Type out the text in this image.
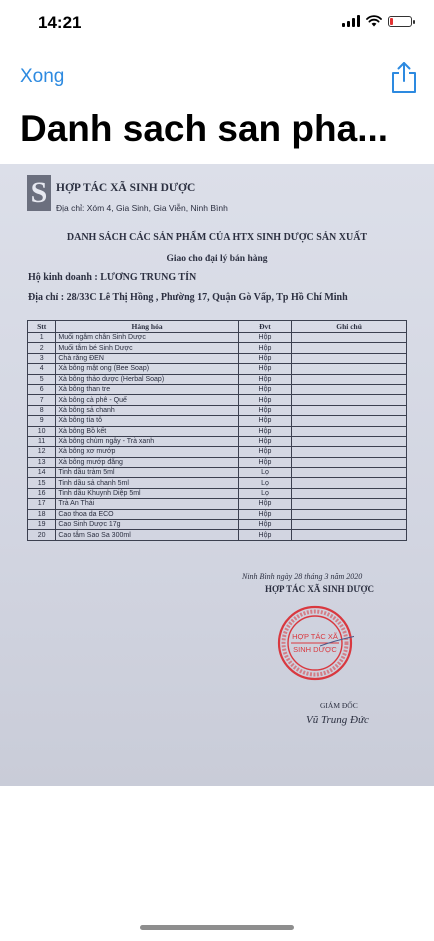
14:21
Xong
Danh sach san pha...
S HỢP TÁC XÃ SINH DƯỢC
Địa chỉ: Xóm 4, Gia Sinh, Gia Viễn, Ninh Bình
DANH SÁCH CÁC SẢN PHẨM CỦA HTX SINH DƯỢC SẢN XUẤT
Giao cho đại lý bán hàng
Hộ kinh doanh : LƯƠNG TRUNG TÍN
Địa chỉ : 28/33C Lê Thị Hồng , Phường 17, Quận Gò Vấp, Tp Hồ Chí Minh
Stt	Hàng hóa	Đvt	Ghi chú
1	Muối ngâm chân Sinh Dược	Hộp	
2	Muối tắm bé Sinh Dược	Hộp	
3	Chà răng ĐEN	Hộp	
4	Xà bông mật ong (Bee Soap)	Hộp	
5	Xà bông thảo dược (Herbal Soap)	Hộp	
6	Xà bông than tre	Hộp	
7	Xà bông cà phê - Quế	Hộp	
8	Xà bông sả chanh	Hộp	
9	Xà bông tía tô	Hộp	
10	Xà bông Bồ kết	Hộp	
11	Xà bông chùm ngây - Trà xanh	Hộp	
12	Xà bông xơ mướp	Hộp	
13	Xà bông mướp đắng	Hộp	
14	Tinh dầu tràm 5ml	Lọ	
15	Tinh dầu sả chanh 5ml	Lọ	
16	Tinh dầu Khuynh Diệp 5ml	Lọ	
17	Trà An Thái	Hộp	
18	Cao thoa da ECO	Hộp	
19	Cao Sinh Dược 17g	Hộp	
20	Cao tắm Sao Sa 300ml	Hộp	
Ninh Bình ngày 28 tháng 3 năm 2020
HỢP TÁC XÃ SINH DƯỢC
HỢP TÁC XÃ
SINH DƯỢC
GIÁM ĐỐC
Vũ Trung Đức
